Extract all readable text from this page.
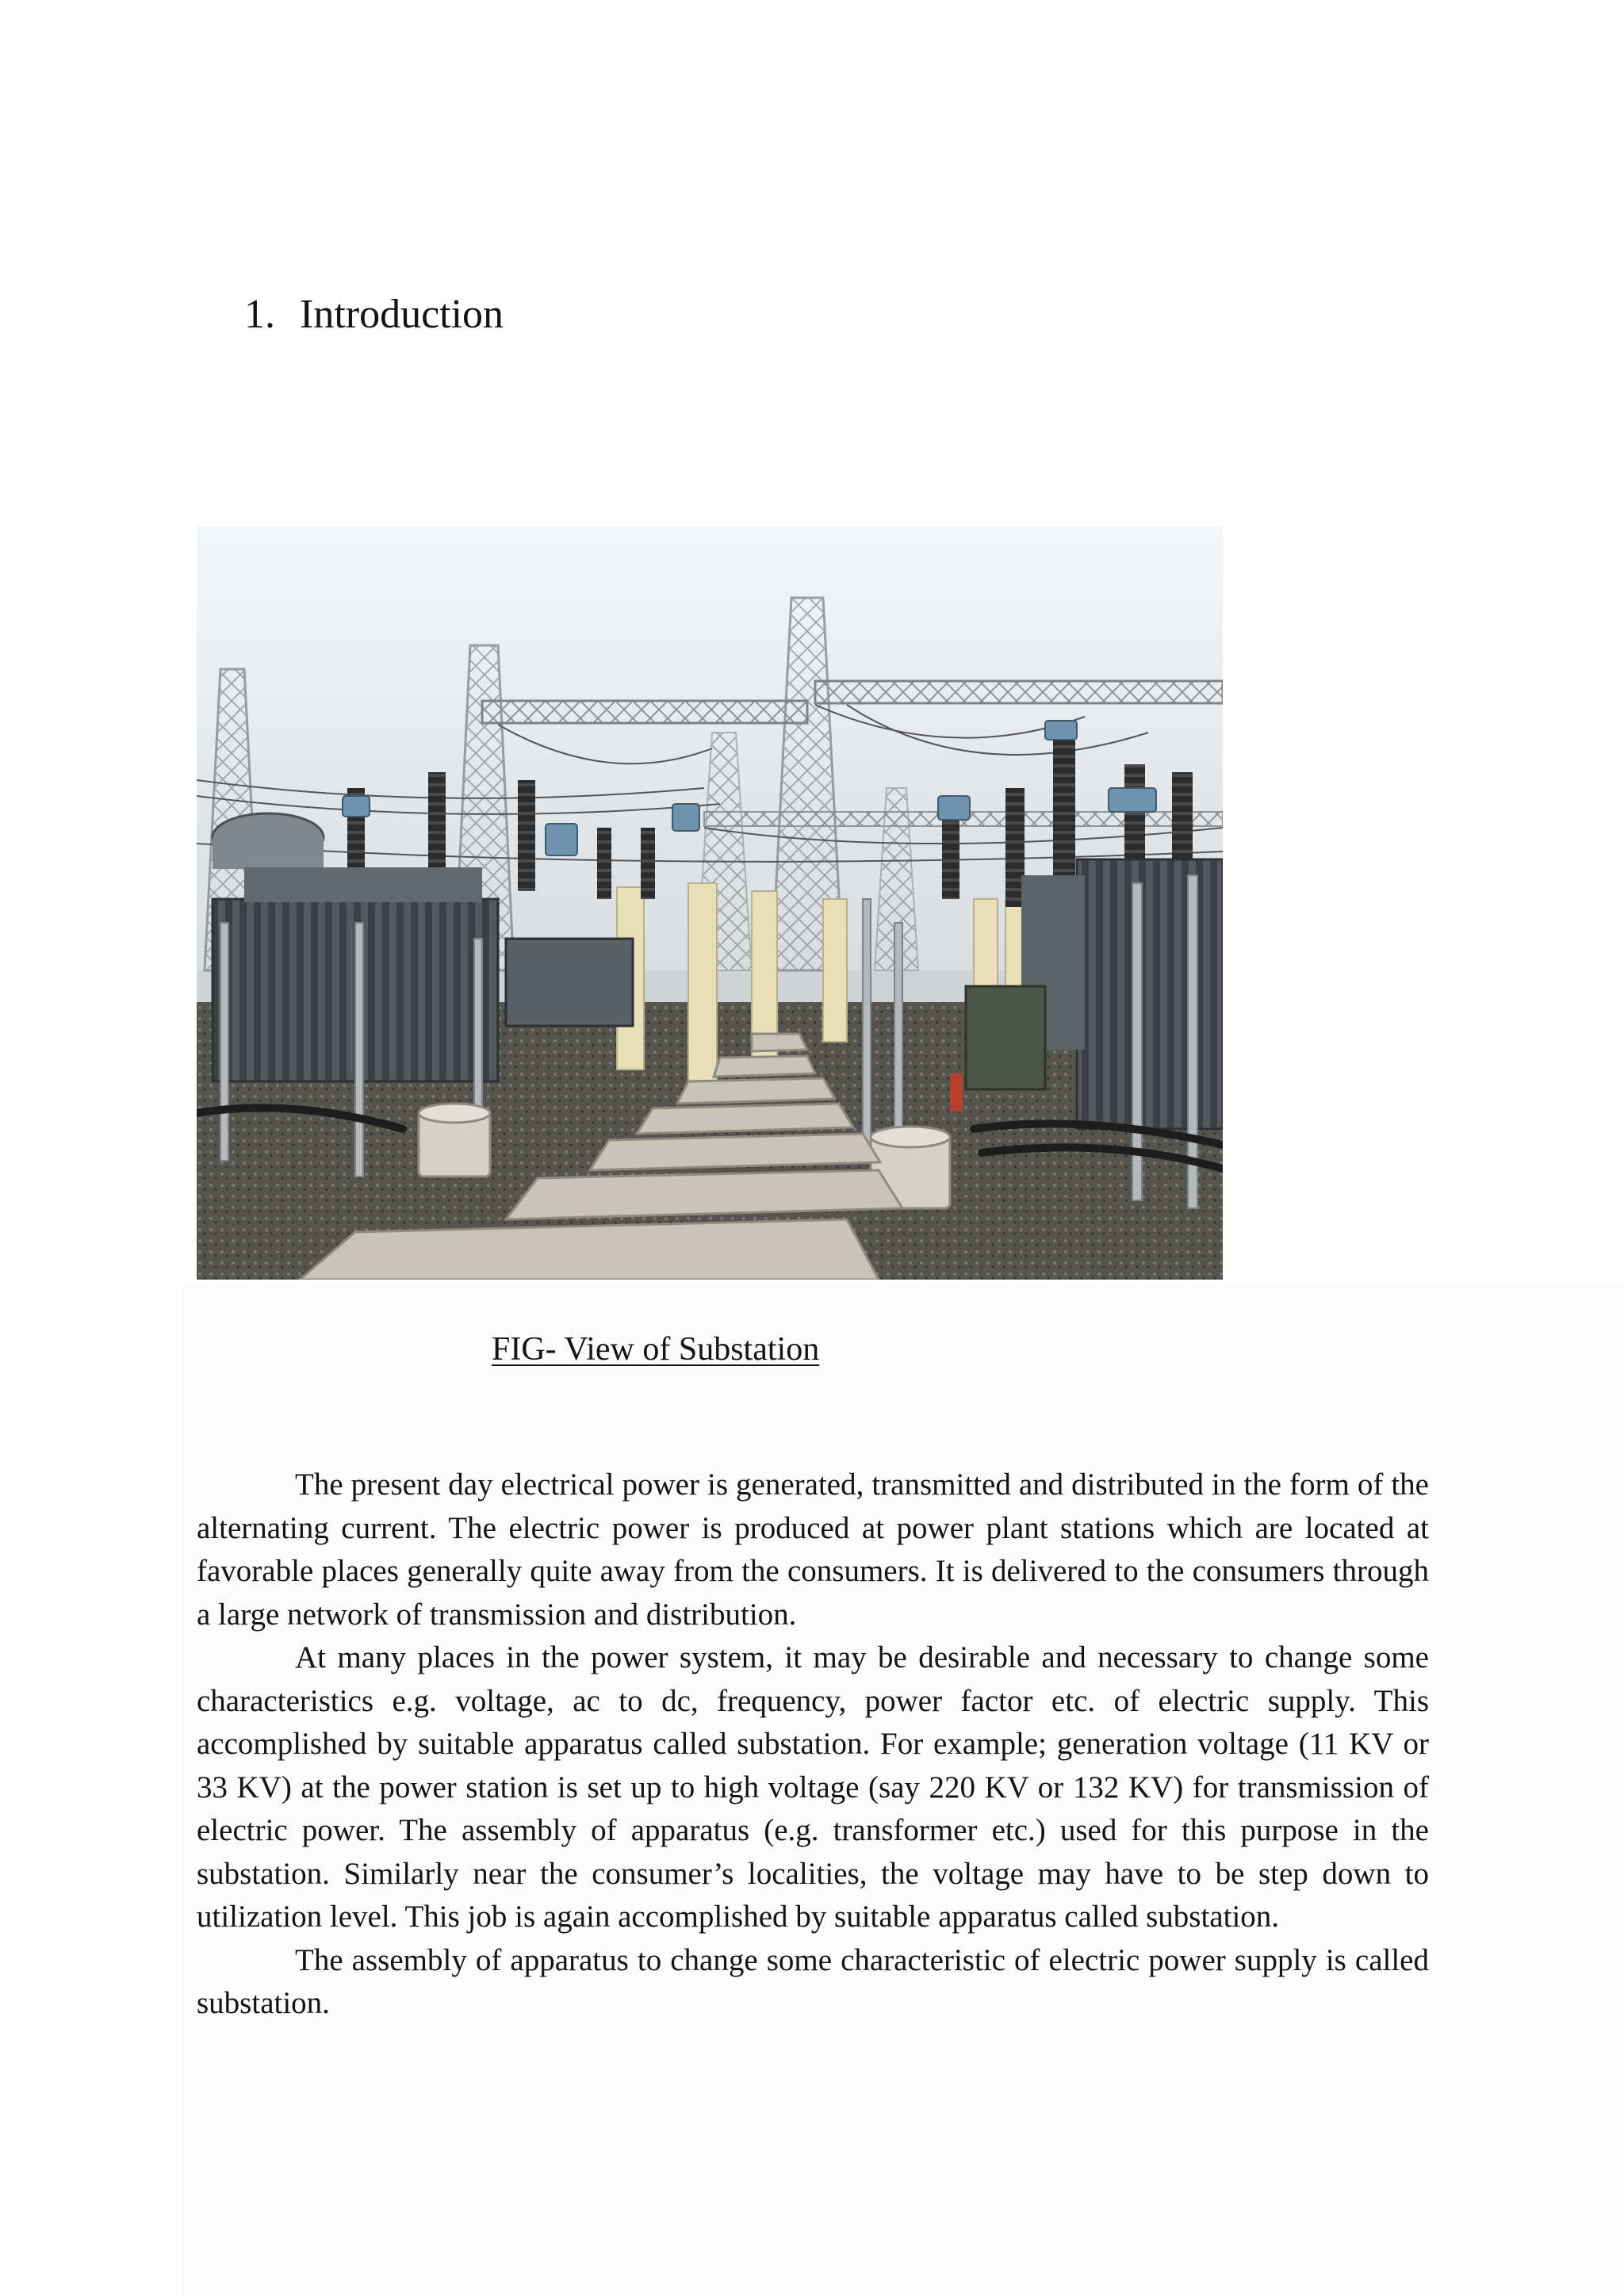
1. Introduction
FIG- View of Substation

The present day electrical power is generated, transmitted and distributed in the form of the alternating current. The electric power is produced at power plant stations which are located at favorable places generally quite away from the consumers. It is delivered to the consumers through a large network of transmission and distribution.

At many places in the power system, it may be desirable and necessary to change some characteristics e.g. voltage, ac to dc, frequency, power factor etc. of electric supply. This accomplished by suitable apparatus called substation. For example; generation voltage (11 KV or 33 KV) at the power station is set up to high voltage (say 220 KV or 132 KV) for transmission of electric power. The assembly of apparatus (e.g. transformer etc.) used for this purpose in the substation. Similarly near the consumer’s localities, the voltage may have to be step down to utilization level. This job is again accomplished by suitable apparatus called substation.

The assembly of apparatus to change some characteristic of electric power supply is called substation.
